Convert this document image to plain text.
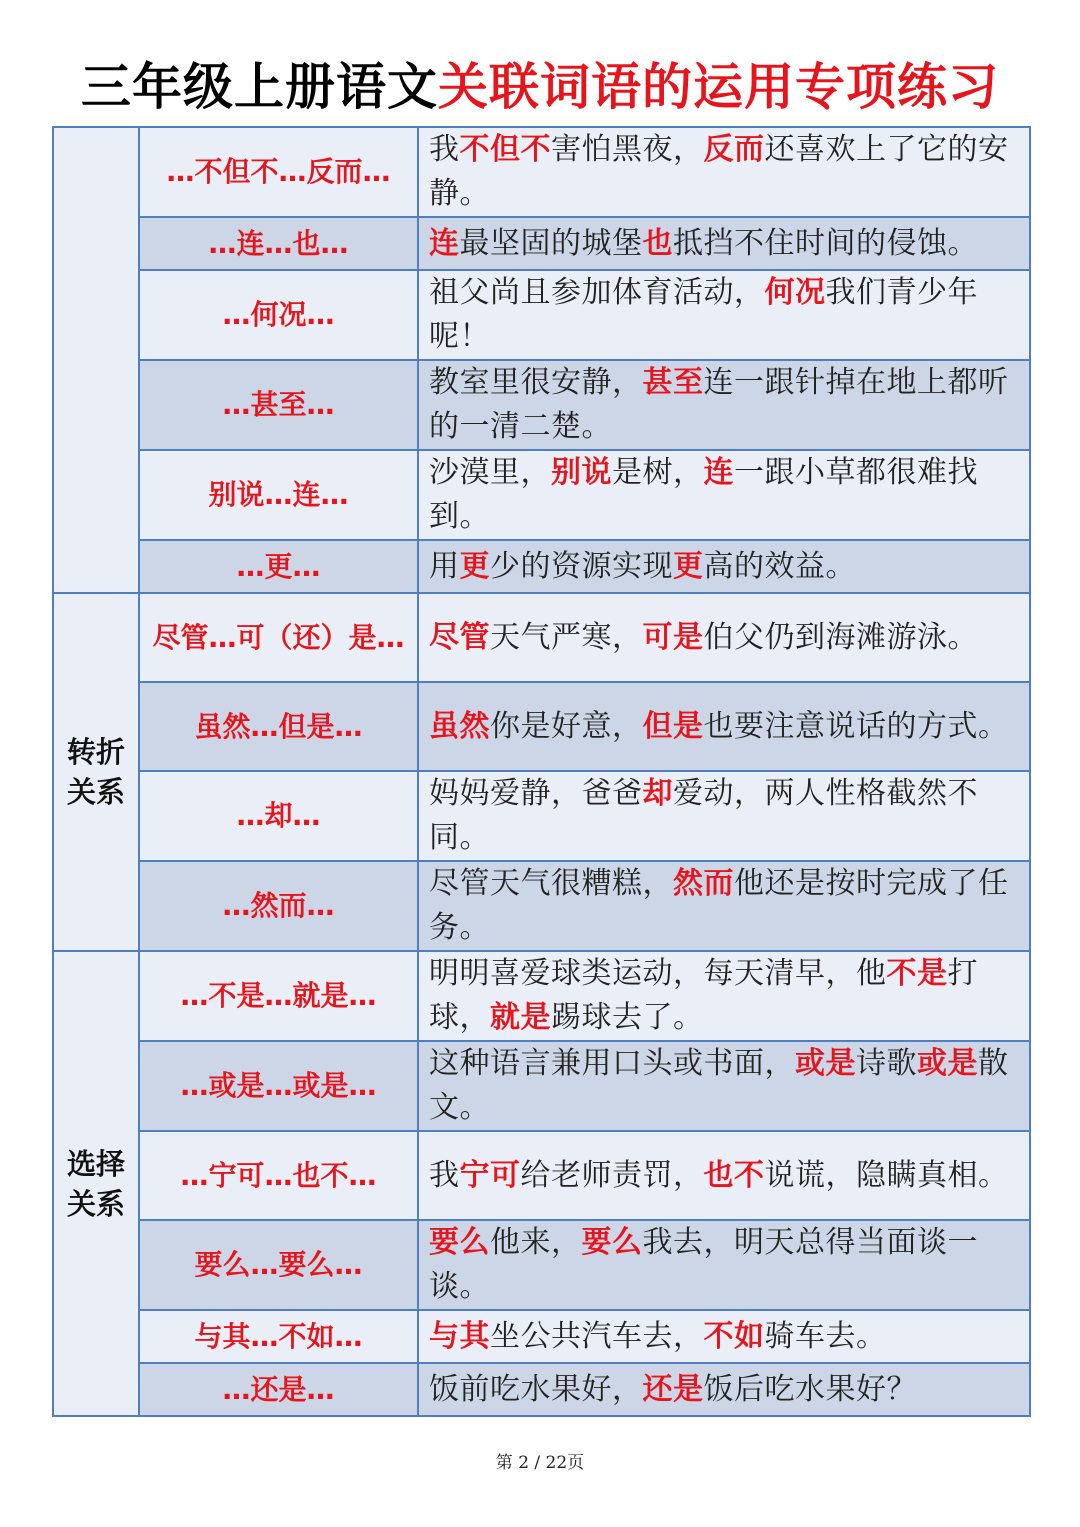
三年级上册语文关联词语的运用专项练习
	…不但不…反而…	我不但不害怕黑夜，反而还喜欢上了它的安静。
	…连…也…	连最坚固的城堡也抵挡不住时间的侵蚀。
	…何况…	祖父尚且参加体育活动，何况我们青少年呢！
	…甚至…	教室里很安静，甚至连一跟针掉在地上都听的一清二楚。
	别说…连…	沙漠里，别说是树，连一跟小草都很难找到。
	…更…	用更少的资源实现更高的效益。
转折关系	尽管…可（还）是…	尽管天气严寒，可是伯父仍到海滩游泳。
	虽然…但是…	虽然你是好意，但是也要注意说话的方式。
	…却…	妈妈爱静，爸爸却爱动，两人性格截然不同。
	…然而…	尽管天气很糟糕，然而他还是按时完成了任务。
选择关系	…不是…就是…	明明喜爱球类运动，每天清早，他不是打球，就是踢球去了。
	…或是…或是…	这种语言兼用口头或书面，或是诗歌或是散文。
	…宁可…也不…	我宁可给老师责罚，也不说谎，隐瞒真相。
	要么…要么…	要么他来，要么我去，明天总得当面谈一谈。
	与其…不如…	与其坐公共汽车去，不如骑车去。
	…还是…	饭前吃水果好，还是饭后吃水果好？
第 2 / 22页
